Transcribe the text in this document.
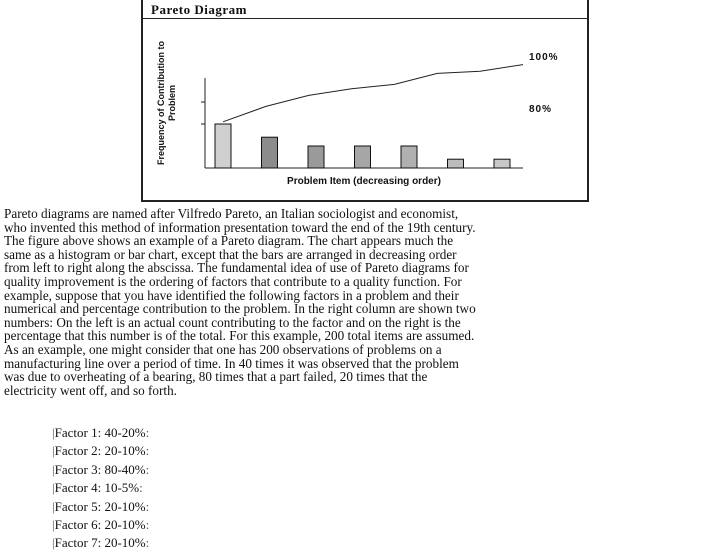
Pareto Diagram
Frequency of Contribution to Problem
100%
80%
Problem Item (decreasing order)
Pareto diagrams are named after Vilfredo Pareto, an Italian sociologist and economist,
who invented this method of information presentation toward the end of the 19th century.
The figure above shows an example of a Pareto diagram. The chart appears much the
same as a histogram or bar chart, except that the bars are arranged in decreasing order
from left to right along the abscissa. The fundamental idea of use of Pareto diagrams for
quality improvement is the ordering of factors that contribute to a quality function. For
example, suppose that you have identified the following factors in a problem and their
numerical and percentage contribution to the problem. In the right column are shown two
numbers: On the left is an actual count contributing to the factor and on the right is the
percentage that this number is of the total. For this example, 200 total items are assumed.
As an example, one might consider that one has 200 observations of problems on a
manufacturing line over a period of time. In 40 times it was observed that the problem
was due to overheating of a bearing, 80 times that a part failed, 20 times that the
electricity went off, and so forth.
|Factor 1: 40-20%:
|Factor 2: 20-10%:
|Factor 3: 80-40%:
|Factor 4: 10-5%:
|Factor 5: 20-10%:
|Factor 6: 20-10%:
|Factor 7: 20-10%:
